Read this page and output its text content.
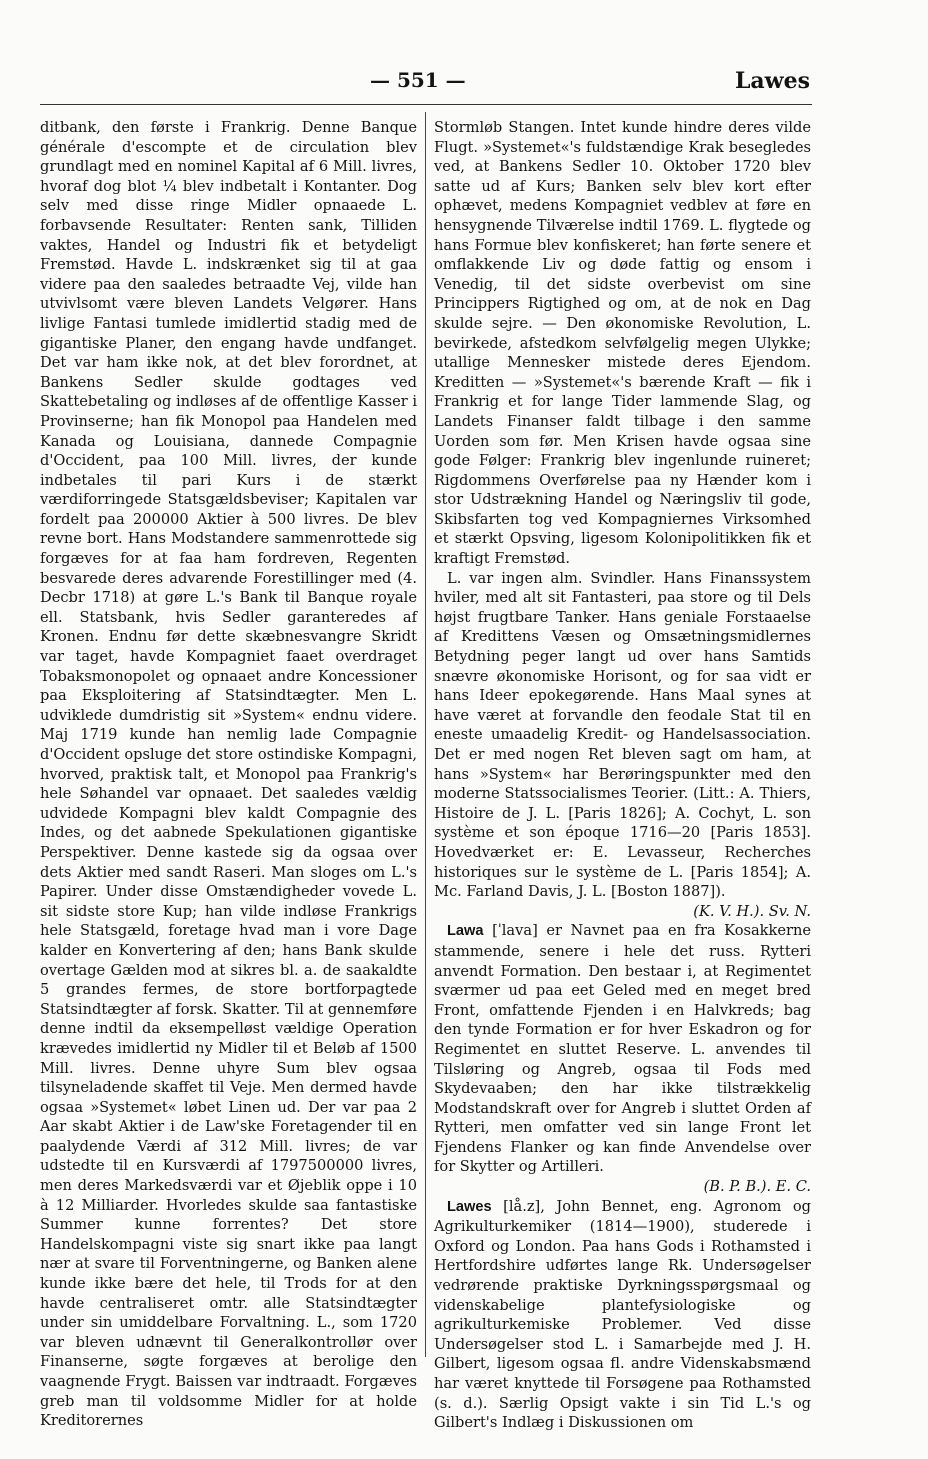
— 551 —	Lawes

ditbank, den første i Frankrig. Denne Banque générale d'escompte et de circulation blev grundlagt med en nominel Kapital af 6 Mill. livres, hvoraf dog blot ¼ blev indbetalt i Kontanter. Dog selv med disse ringe Midler opnaaede L. forbavsende Resultater: Renten sank, Tilliden vaktes, Handel og Industri fik et betydeligt Fremstød. Havde L. indskrænket sig til at gaa videre paa den saaledes betraadte Vej, vilde han utvivlsomt være bleven Landets Velgører. Hans livlige Fantasi tumlede imidlertid stadig med de gigantiske Planer, den engang havde undfanget. Det var ham ikke nok, at det blev forordnet, at Bankens Sedler skulde godtages ved Skattebetaling og indløses af de offentlige Kasser i Provinserne; han fik Monopol paa Handelen med Kanada og Louisiana, dannede Compagnie d'Occident, paa 100 Mill. livres, der kunde indbetales til pari Kurs i de stærkt værdiforringede Statsgældsbeviser; Kapitalen var fordelt paa 200000 Aktier à 500 livres. De blev revne bort. Hans Modstandere sammenrottede sig forgæves for at faa ham fordreven, Regenten besvarede deres advarende Forestillinger med (4. Decbr 1718) at gøre L.'s Bank til Banque royale ell. Statsbank, hvis Sedler garanteredes af Kronen. Endnu før dette skæbnesvangre Skridt var taget, havde Kompagniet faaet overdraget Tobaksmonopolet og opnaaet andre Koncessioner paa Eksploitering af Statsindtægter. Men L. udviklede dumdristig sit »System« endnu videre. Maj 1719 kunde han nemlig lade Compagnie d'Occident opsluge det store ostindiske Kompagni, hvorved, praktisk talt, et Monopol paa Frankrig's hele Søhandel var opnaaet. Det saaledes vældig udvidede Kompagni blev kaldt Compagnie des Indes, og det aabnede Spekulationen gigantiske Perspektiver. Denne kastede sig da ogsaa over dets Aktier med sandt Raseri. Man sloges om L.'s Papirer. Under disse Omstændigheder vovede L. sit sidste store Kup; han vilde indløse Frankrigs hele Statsgæld, foretage hvad man i vore Dage kalder en Konvertering af den; hans Bank skulde overtage Gælden mod at sikres bl. a. de saakaldte 5 grandes fermes, de store bortforpagtede Statsindtægter af forsk. Skatter. Til at gennemføre denne indtil da eksempelløst vældige Operation krævedes imidlertid ny Midler til et Beløb af 1500 Mill. livres. Denne uhyre Sum blev ogsaa tilsyneladende skaffet til Veje. Men dermed havde ogsaa »Systemet« løbet Linen ud. Der var paa 2 Aar skabt Aktier i de Law'ske Foretagender til en paalydende Værdi af 312 Mill. livres; de var udstedte til en Kursværdi af 1797500000 livres, men deres Markedsværdi var et Øjeblik oppe i 10 à 12 Milliarder. Hvorledes skulde saa fantastiske Summer kunne forrentes? Det store Handelskompagni viste sig snart ikke paa langt nær at svare til Forventningerne, og Banken alene kunde ikke bære det hele, til Trods for at den havde centraliseret omtr. alle Statsindtægter under sin umiddelbare Forvaltning. L., som 1720 var bleven udnævnt til Generalkontrollør over Finanserne, søgte forgæves at berolige den vaagnende Frygt. Baissen var indtraadt. Forgæves greb man til voldsomme Midler for at holde Kreditorernes

Stormløb Stangen. Intet kunde hindre deres vilde Flugt. »Systemet«'s fuldstændige Krak besegledes ved, at Bankens Sedler 10. Oktober 1720 blev satte ud af Kurs; Banken selv blev kort efter ophævet, medens Kompagniet vedblev at føre en hensygnende Tilværelse indtil 1769. L. flygtede og hans Formue blev konfiskeret; han førte senere et omflakkende Liv og døde fattig og ensom i Venedig, til det sidste overbevist om sine Princippers Rigtighed og om, at de nok en Dag skulde sejre. — Den økonomiske Revolution, L. bevirkede, afstedkom selvfølgelig megen Ulykke; utallige Mennesker mistede deres Ejendom. Kreditten — »Systemet«'s bærende Kraft — fik i Frankrig et for lange Tider lammende Slag, og Landets Finanser faldt tilbage i den samme Uorden som før. Men Krisen havde ogsaa sine gode Følger: Frankrig blev ingenlunde ruineret; Rigdommens Overførelse paa ny Hænder kom i stor Udstrækning Handel og Næringsliv til gode, Skibsfarten tog ved Kompagniernes Virksomhed et stærkt Opsving, ligesom Kolonipolitikken fik et kraftigt Fremstød.

L. var ingen alm. Svindler. Hans Finanssystem hviler, med alt sit Fantasteri, paa store og til Dels højst frugtbare Tanker. Hans geniale Forstaaelse af Kredittens Væsen og Omsætningsmidlernes Betydning peger langt ud over hans Samtids snævre økonomiske Horisont, og for saa vidt er hans Ideer epokegørende. Hans Maal synes at have været at forvandle den feodale Stat til en eneste umaadelig Kredit- og Handelsassociation. Det er med nogen Ret bleven sagt om ham, at hans »System« har Berøringspunkter med den moderne Statssocialismes Teorier. (Litt.: A. Thiers, Histoire de J. L. [Paris 1826]; A. Cochyt, L. son système et son époque 1716—20 [Paris 1853]. Hovedværket er: E. Levasseur, Recherches historiques sur le système de L. [Paris 1854]; A. Mc. Farland Davis, J. L. [Boston 1887]).
(K. V. H.). Sv. N.

Lawa [ˈlava] er Navnet paa en fra Kosakkerne stammende, senere i hele det russ. Rytteri anvendt Formation. Den bestaar i, at Regimentet sværmer ud paa eet Geled med en meget bred Front, omfattende Fjenden i en Halvkreds; bag den tynde Formation er for hver Eskadron og for Regimentet en sluttet Reserve. L. anvendes til Tilsløring og Angreb, ogsaa til Fods med Skydevaaben; den har ikke tilstrækkelig Modstandskraft over for Angreb i sluttet Orden af Rytteri, men omfatter ved sin lange Front let Fjendens Flanker og kan finde Anvendelse over for Skytter og Artilleri.
(B. P. B.). E. C.

Lawes [lå.z], John Bennet, eng. Agronom og Agrikulturkemiker (1814—1900), studerede i Oxford og London. Paa hans Gods i Rothamsted i Hertfordshire udførtes lange Rk. Undersøgelser vedrørende praktiske Dyrkningsspørgsmaal og videnskabelige plantefysiologiske og agrikulturkemiske Problemer. Ved disse Undersøgelser stod L. i Samarbejde med J. H. Gilbert, ligesom ogsaa fl. andre Videnskabsmænd har været knyttede til Forsøgene paa Rothamsted (s. d.). Særlig Opsigt vakte i sin Tid L.'s og Gilbert's Indlæg i Diskussionen om
